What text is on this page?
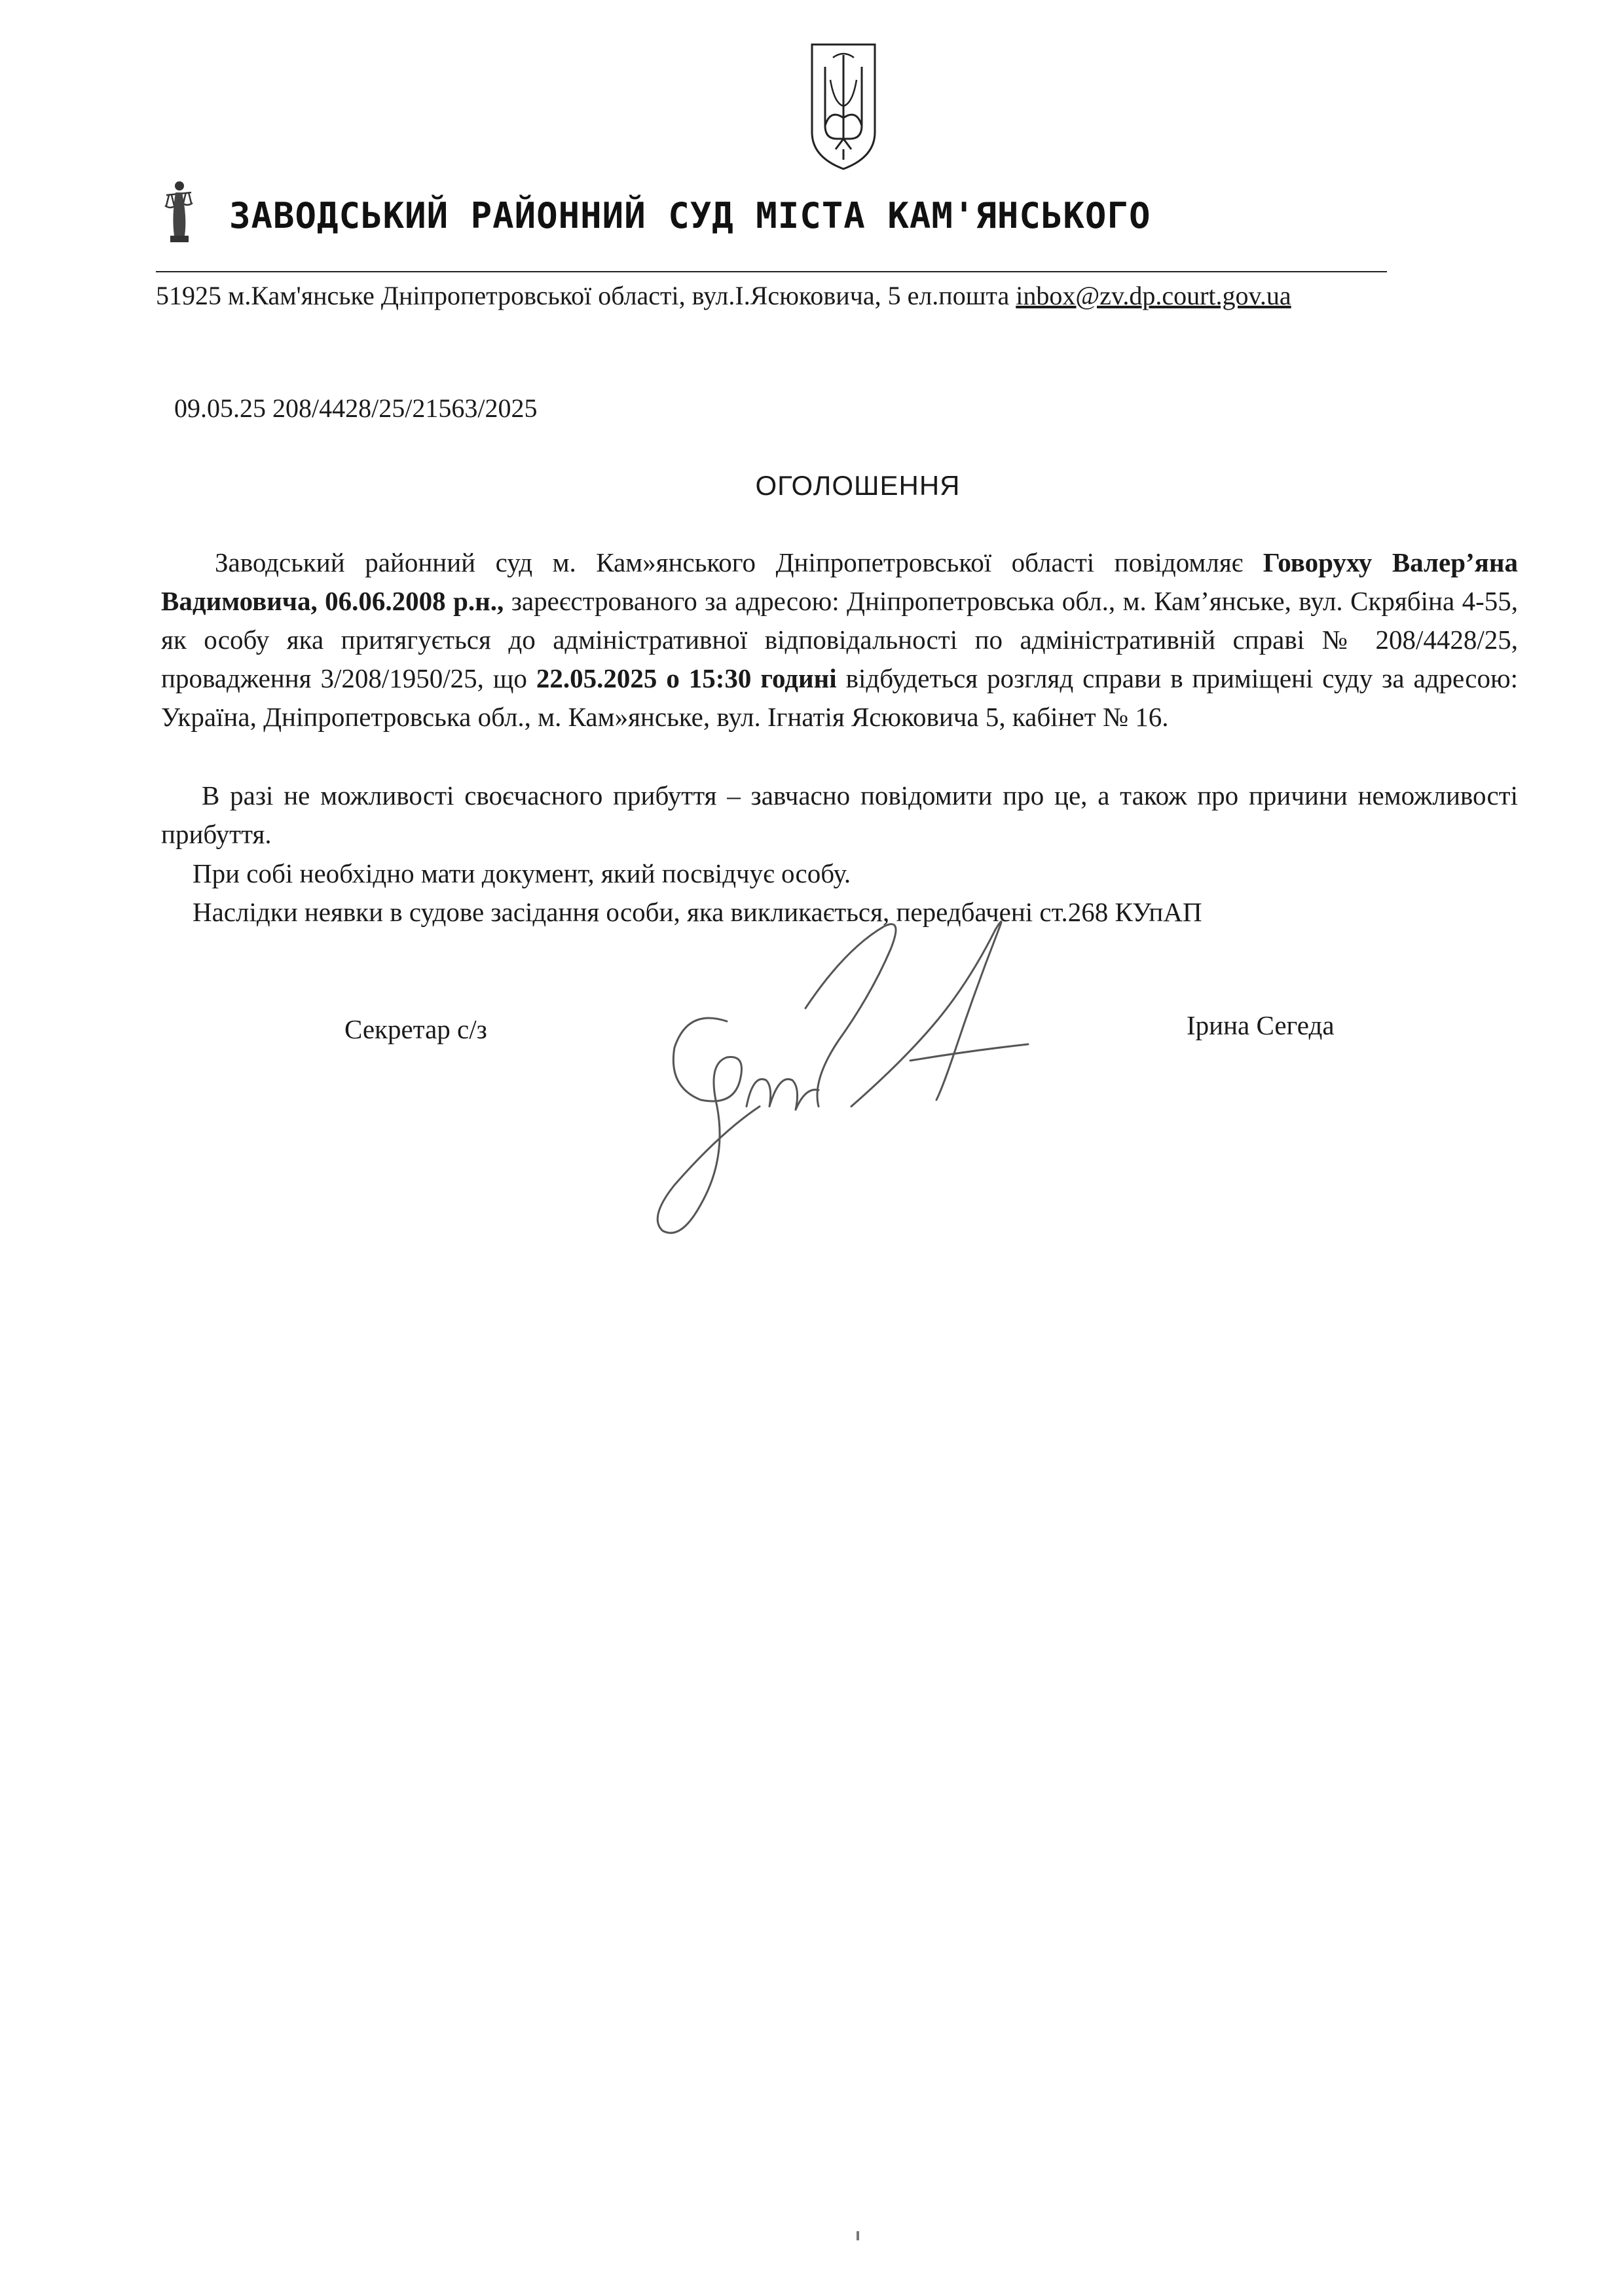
ЗАВОДСЬКИЙ РАЙОННИЙ СУД МІСТА КАМ'ЯНСЬКОГО
51925 м.Кам'янське Дніпропетровської області, вул.І.Ясюковича, 5 ел.пошта inbox@zv.dp.court.gov.ua
09.05.25 208/4428/25/21563/2025
ОГОЛОШЕННЯ
Заводський районний суд м. Кам»янського Дніпропетровської області повідомляє Говоруху Валер’яна Вадимовича, 06.06.2008 р.н., зареєстрованого за адресою: Дніпропетровська обл., м. Кам’янське, вул. Скрябіна 4-55, як особу яка притягується до адміністративної відповідальності по адміністративній справі № 208/4428/25, провадження 3/208/1950/25, що 22.05.2025 о 15:30 годині відбудеться розгляд справи в приміщені суду за адресою: Україна, Дніпропетровська обл., м. Кам»янське, вул. Ігнатія Ясюковича 5, кабінет № 16.
В разі не можливості своєчасного прибуття – завчасно повідомити про це, а також про причини неможливості прибуття.
При собі необхідно мати документ, який посвідчує особу.
Наслідки неявки в судове засідання особи, яка викликається, передбачені ст.268 КУпАП
Секретар с/з	Ірина Сегеда
